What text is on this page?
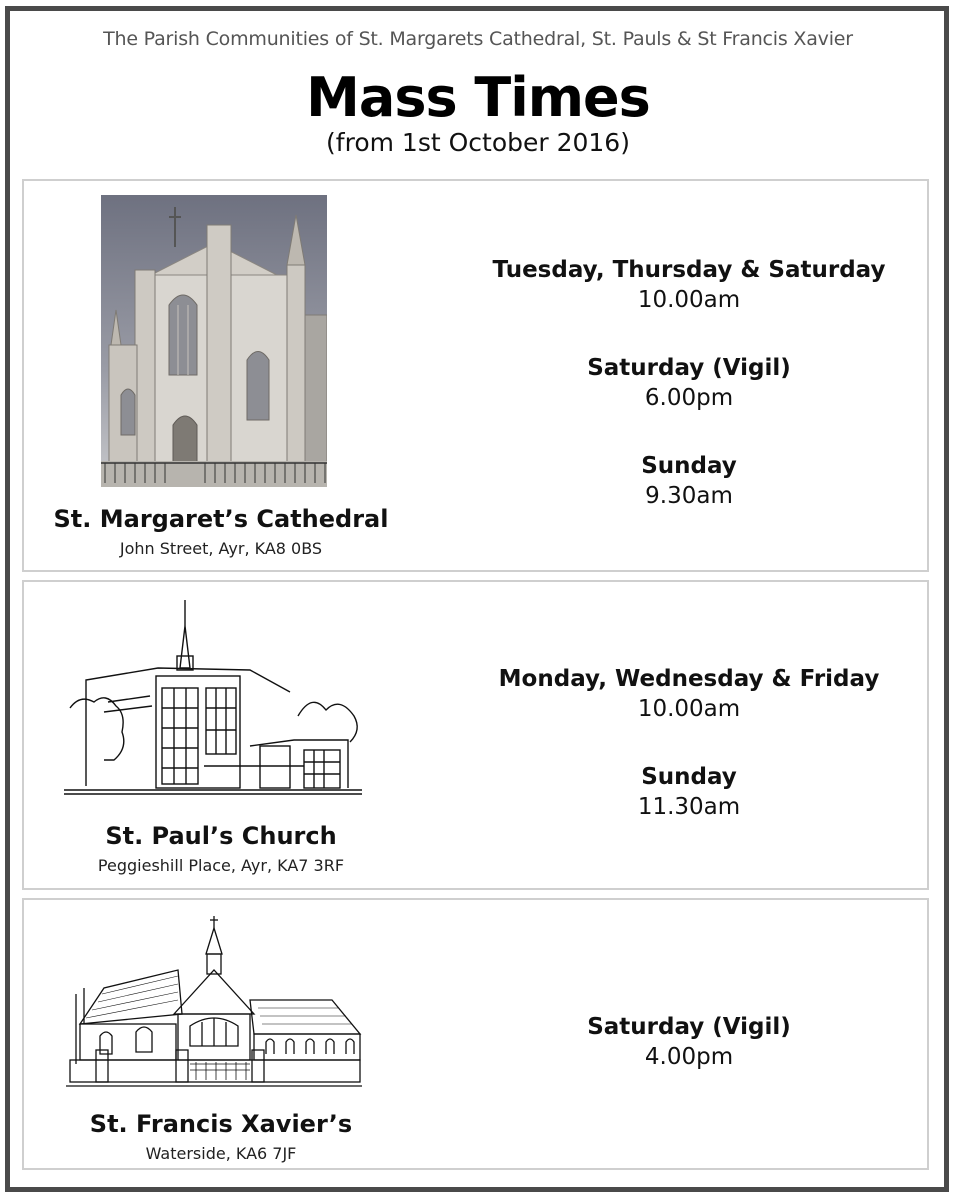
The Parish Communities of St. Margarets Cathedral, St. Pauls & St Francis Xavier
Mass Times
(from 1st October 2016)
St. Margaret’s Cathedral
John Street, Ayr, KA8 0BS
Tuesday, Thursday & Saturday
10.00am
Saturday (Vigil)
6.00pm
Sunday
9.30am
St. Paul’s Church
Peggieshill Place, Ayr, KA7 3RF
Monday, Wednesday & Friday
10.00am
Sunday
11.30am
St. Francis Xavier’s
Waterside, KA6 7JF
Saturday (Vigil)
4.00pm
